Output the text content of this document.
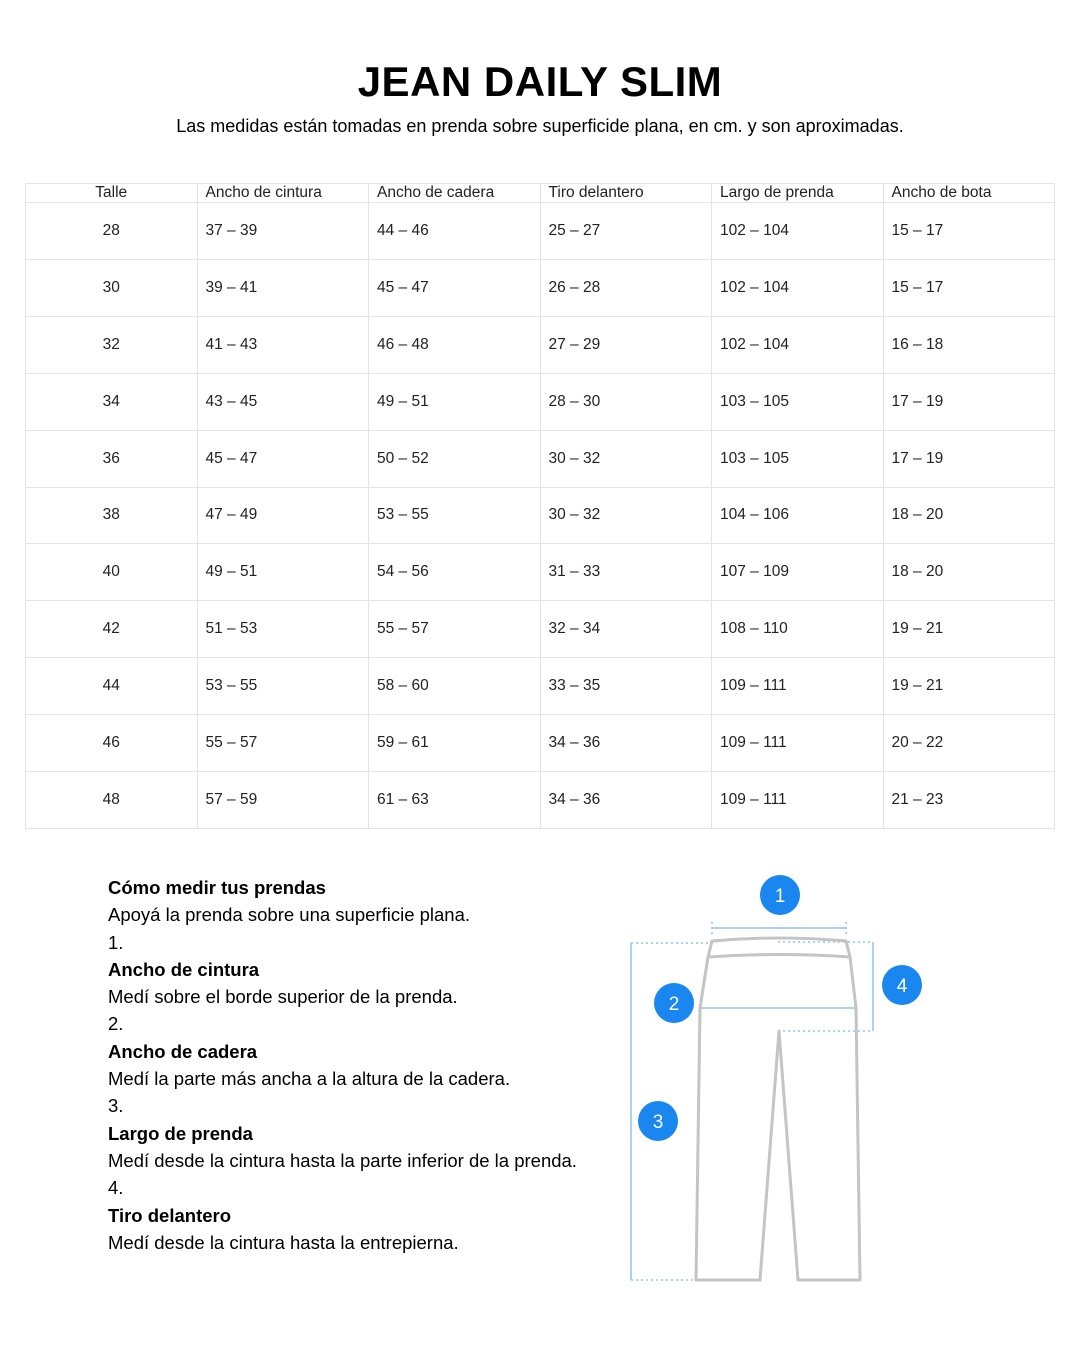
JEAN DAILY SLIM

Las medidas están tomadas en prenda sobre superficide plana, en cm. y son aproximadas.

Talle	Ancho de cintura	Ancho de cadera	Tiro delantero	Largo de prenda	Ancho de bota
28	37 – 39	44 – 46	25 – 27	102 – 104	15 – 17
30	39 – 41	45 – 47	26 – 28	102 – 104	15 – 17
32	41 – 43	46 – 48	27 – 29	102 – 104	16 – 18
34	43 – 45	49 – 51	28 – 30	103 – 105	17 – 19
36	45 – 47	50 – 52	30 – 32	103 – 105	17 – 19
38	47 – 49	53 – 55	30 – 32	104 – 106	18 – 20
40	49 – 51	54 – 56	31 – 33	107 – 109	18 – 20
42	51 – 53	55 – 57	32 – 34	108 – 110	19 – 21
44	53 – 55	58 – 60	33 – 35	109 – 111	19 – 21
46	55 – 57	59 – 61	34 – 36	109 – 111	20 – 22
48	57 – 59	61 – 63	34 – 36	109 – 111	21 – 23
Cómo medir tus prendas
Apoyá la prenda sobre una superficie plana.
1.
Ancho de cintura
Medí sobre el borde superior de la prenda.
2.
Ancho de cadera
Medí la parte más ancha a la altura de la cadera.
3.
Largo de prenda
Medí desde la cintura hasta la parte inferior de la prenda.
4.
Tiro delantero
Medí desde la cintura hasta la entrepierna.
1
2
3
4
